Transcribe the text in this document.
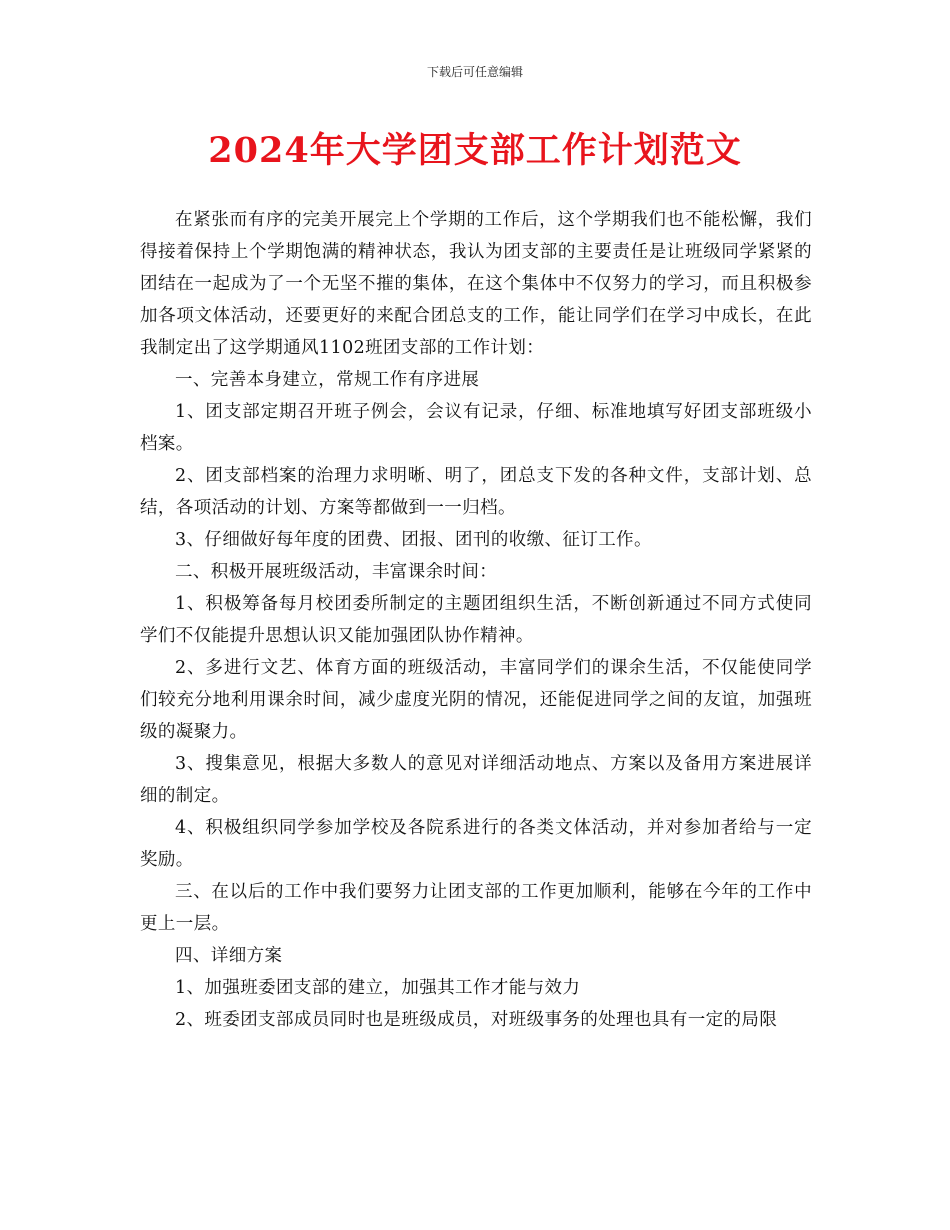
下载后可任意编辑
2024年大学团支部工作计划范文

在紧张而有序的完美开展完上个学期的工作后，这个学期我们也不能松懈，我们得接着保持上个学期饱满的精神状态，我认为团支部的主要责任是让班级同学紧紧的团结在一起成为了一个无坚不摧的集体，在这个集体中不仅努力的学习，而且积极参加各项文体活动，还要更好的来配合团总支的工作，能让同学们在学习中成长，在此我制定出了这学期通风1102班团支部的工作计划：

一、完善本身建立，常规工作有序进展

1、团支部定期召开班子例会，会议有记录，仔细、标准地填写好团支部班级小档案。

2、团支部档案的治理力求明晰、明了，团总支下发的各种文件，支部计划、总结，各项活动的计划、方案等都做到一一归档。

3、仔细做好每年度的团费、团报、团刊的收缴、征订工作。

二、积极开展班级活动，丰富课余时间：

1、积极筹备每月校团委所制定的主题团组织生活，不断创新通过不同方式使同学们不仅能提升思想认识又能加强团队协作精神。

2、多进行文艺、体育方面的班级活动，丰富同学们的课余生活，不仅能使同学们较充分地利用课余时间，减少虚度光阴的情况，还能促进同学之间的友谊，加强班级的凝聚力。

3、搜集意见，根据大多数人的意见对详细活动地点、方案以及备用方案进展详细的制定。

4、积极组织同学参加学校及各院系进行的各类文体活动，并对参加者给与一定奖励。

三、在以后的工作中我们要努力让团支部的工作更加顺利，能够在今年的工作中更上一层。

四、详细方案

1、加强班委团支部的建立，加强其工作才能与效力

2、班委团支部成员同时也是班级成员，对班级事务的处理也具有一定的局限
